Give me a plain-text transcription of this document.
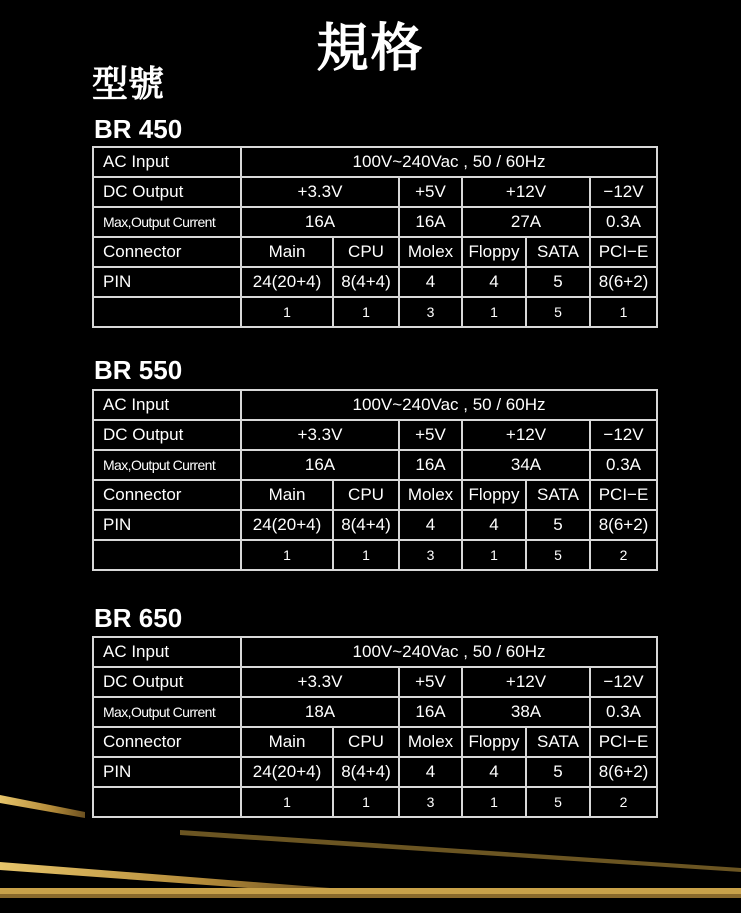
規格
型號
BR 450
AC Input	100V~240Vac , 50 / 60Hz						
DC Output	+3.3V		+5V	+12V		−12V	
Max,Output Current	16A		16A	27A		0.3A	
Connector	Main	CPU	Molex	Floppy	SATA	PCI−E	
PIN	24(20+4)	8(4+4)	4	4	5	8(6+2)	
	1	1	3	1	5	1	
BR 550
AC Input	100V~240Vac , 50 / 60Hz						
DC Output	+3.3V		+5V	+12V		−12V	
Max,Output Current	16A		16A	34A		0.3A	
Connector	Main	CPU	Molex	Floppy	SATA	PCI−E	
PIN	24(20+4)	8(4+4)	4	4	5	8(6+2)	
	1	1	3	1	5	2	
BR 650
AC Input	100V~240Vac , 50 / 60Hz						
DC Output	+3.3V		+5V	+12V		−12V	
Max,Output Current	18A		16A	38A		0.3A	
Connector	Main	CPU	Molex	Floppy	SATA	PCI−E	
PIN	24(20+4)	8(4+4)	4	4	5	8(6+2)	
	1	1	3	1	5	2	
